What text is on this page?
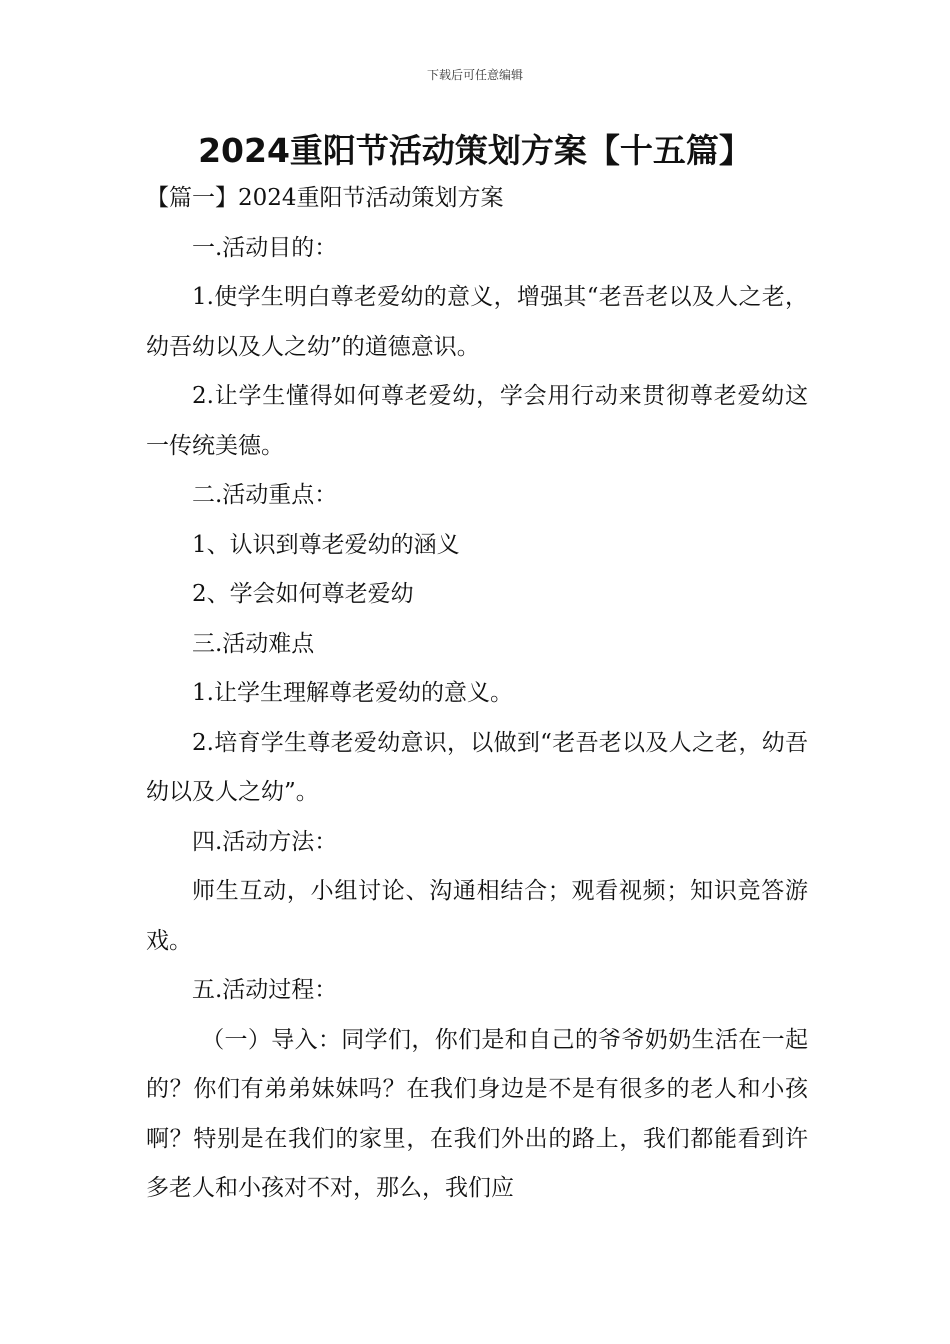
下载后可任意编辑
2024重阳节活动策划方案【十五篇】

【篇一】2024重阳节活动策划方案

一.活动目的：

1.使学生明白尊老爱幼的意义，增强其“老吾老以及人之老，幼吾幼以及人之幼”的道德意识。

2.让学生懂得如何尊老爱幼，学会用行动来贯彻尊老爱幼这一传统美德。

二.活动重点：

1、认识到尊老爱幼的涵义

2、学会如何尊老爱幼

三.活动难点

1.让学生理解尊老爱幼的意义。

2.培育学生尊老爱幼意识，以做到“老吾老以及人之老，幼吾幼以及人之幼”。

四.活动方法：

师生互动，小组讨论、沟通相结合；观看视频；知识竞答游戏。

五.活动过程：

（一）导入：同学们，你们是和自己的爷爷奶奶生活在一起的？你们有弟弟妹妹吗？在我们身边是不是有很多的老人和小孩啊？特别是在我们的家里，在我们外出的路上，我们都能看到许多老人和小孩对不对，那么，我们应
